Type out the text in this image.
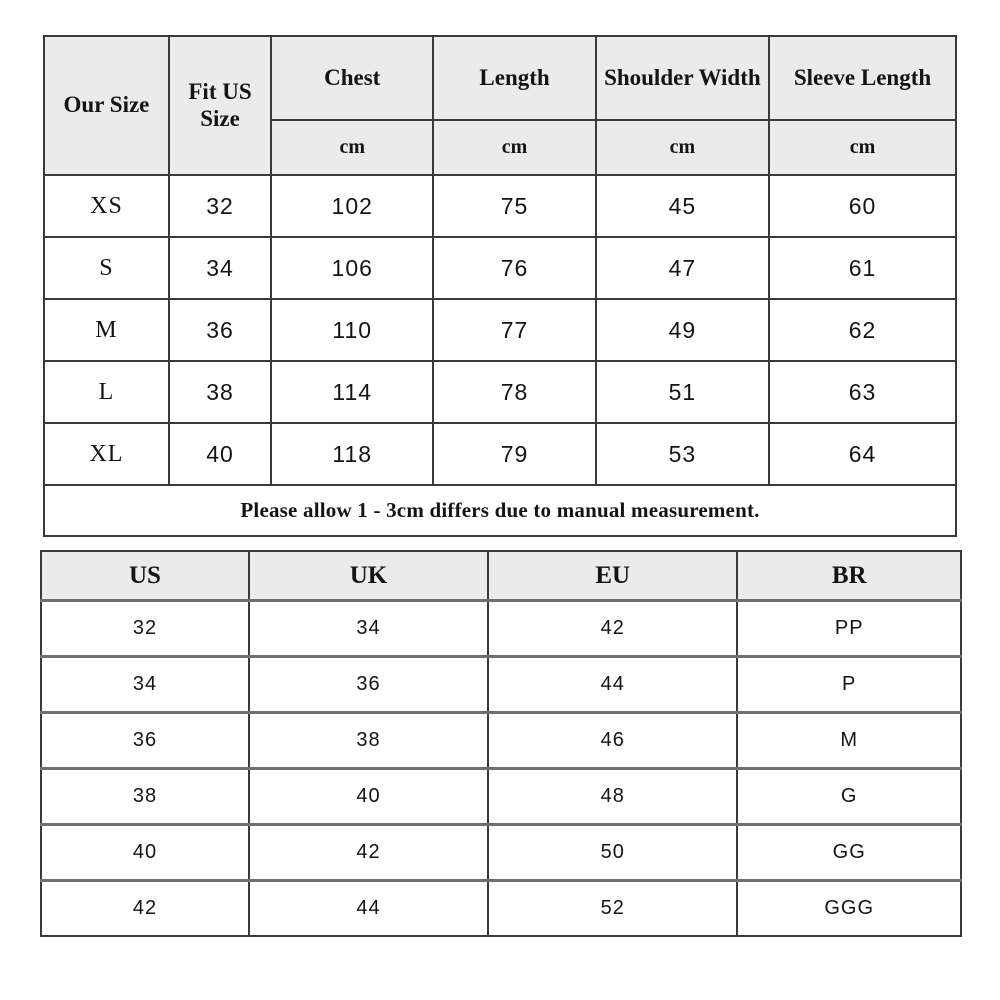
Our Size	Fit US Size	Chest	Length	Shoulder Width	Sleeve Length
		cm	cm	cm	cm
XS	32	102	75	45	60
S	34	106	76	47	61
M	36	110	77	49	62
L	38	114	78	51	63
XL	40	118	79	53	64
Please allow 1 - 3cm differs due to manual measurement.					
US	UK	EU	BR
32	34	42	PP
34	36	44	P
36	38	46	M
38	40	48	G
40	42	50	GG
42	44	52	GGG
